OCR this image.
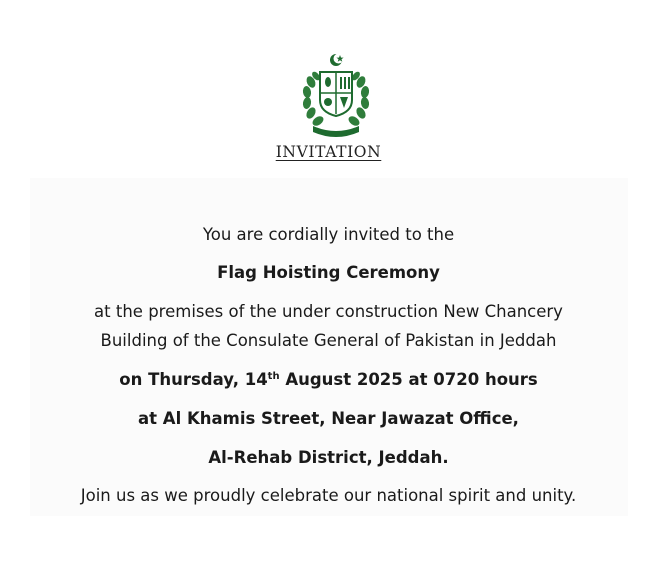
INVITATION
You are cordially invited to the
Flag Hoisting Ceremony
at the premises of the under construction New Chancery
Building of the Consulate General of Pakistan in Jeddah
on Thursday, 14th August 2025 at 0720 hours
at Al Khamis Street, Near Jawazat Office,
Al-Rehab District, Jeddah.
Join us as we proudly celebrate our national spirit and unity.
